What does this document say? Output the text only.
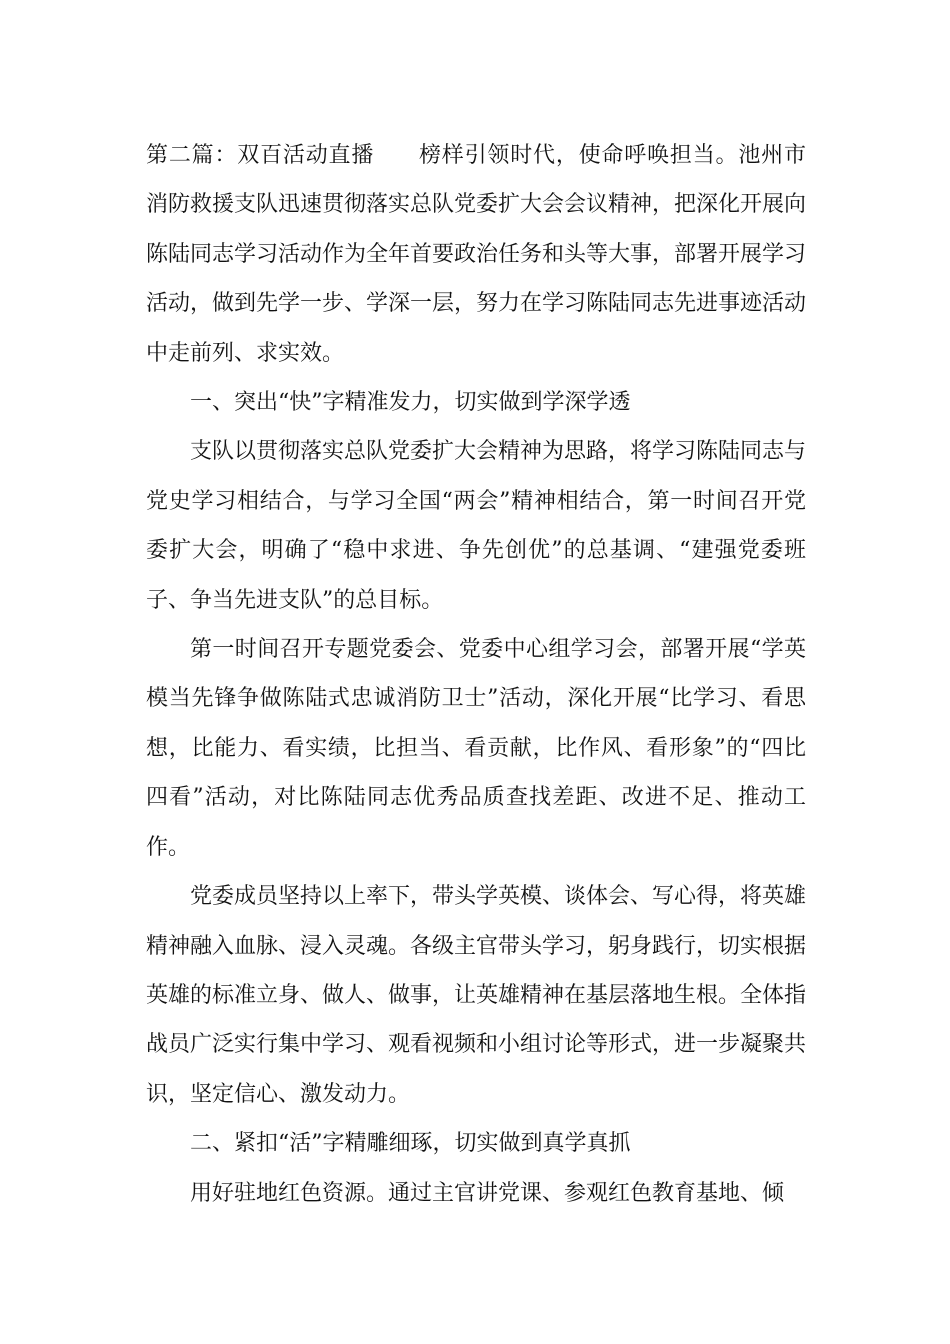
第二篇：双百活动直播 榜样引领时代，使命呼唤担当。池州市消防救援支队迅速贯彻落实总队党委扩大会会议精神，把深化开展向陈陆同志学习活动作为全年首要政治任务和头等大事，部署开展学习活动，做到先学一步、学深一层，努力在学习陈陆同志先进事迹活动中走前列、求实效。

一、突出“快”字精准发力，切实做到学深学透

支队以贯彻落实总队党委扩大会精神为思路，将学习陈陆同志与党史学习相结合，与学习全国“两会”精神相结合，第一时间召开党委扩大会，明确了“稳中求进、争先创优”的总基调、“建强党委班子、争当先进支队”的总目标。

第一时间召开专题党委会、党委中心组学习会，部署开展“学英模当先锋争做陈陆式忠诚消防卫士”活动，深化开展“比学习、看思想，比能力、看实绩，比担当、看贡献，比作风、看形象”的“四比四看”活动，对比陈陆同志优秀品质查找差距、改进不足、推动工作。

党委成员坚持以上率下，带头学英模、谈体会、写心得，将英雄精神融入血脉、浸入灵魂。各级主官带头学习，躬身践行，切实根据英雄的标准立身、做人、做事，让英雄精神在基层落地生根。全体指战员广泛实行集中学习、观看视频和小组讨论等形式，进一步凝聚共识，坚定信心、激发动力。

二、紧扣“活”字精雕细琢，切实做到真学真抓

用好驻地红色资源。通过主官讲党课、参观红色教育基地、倾
